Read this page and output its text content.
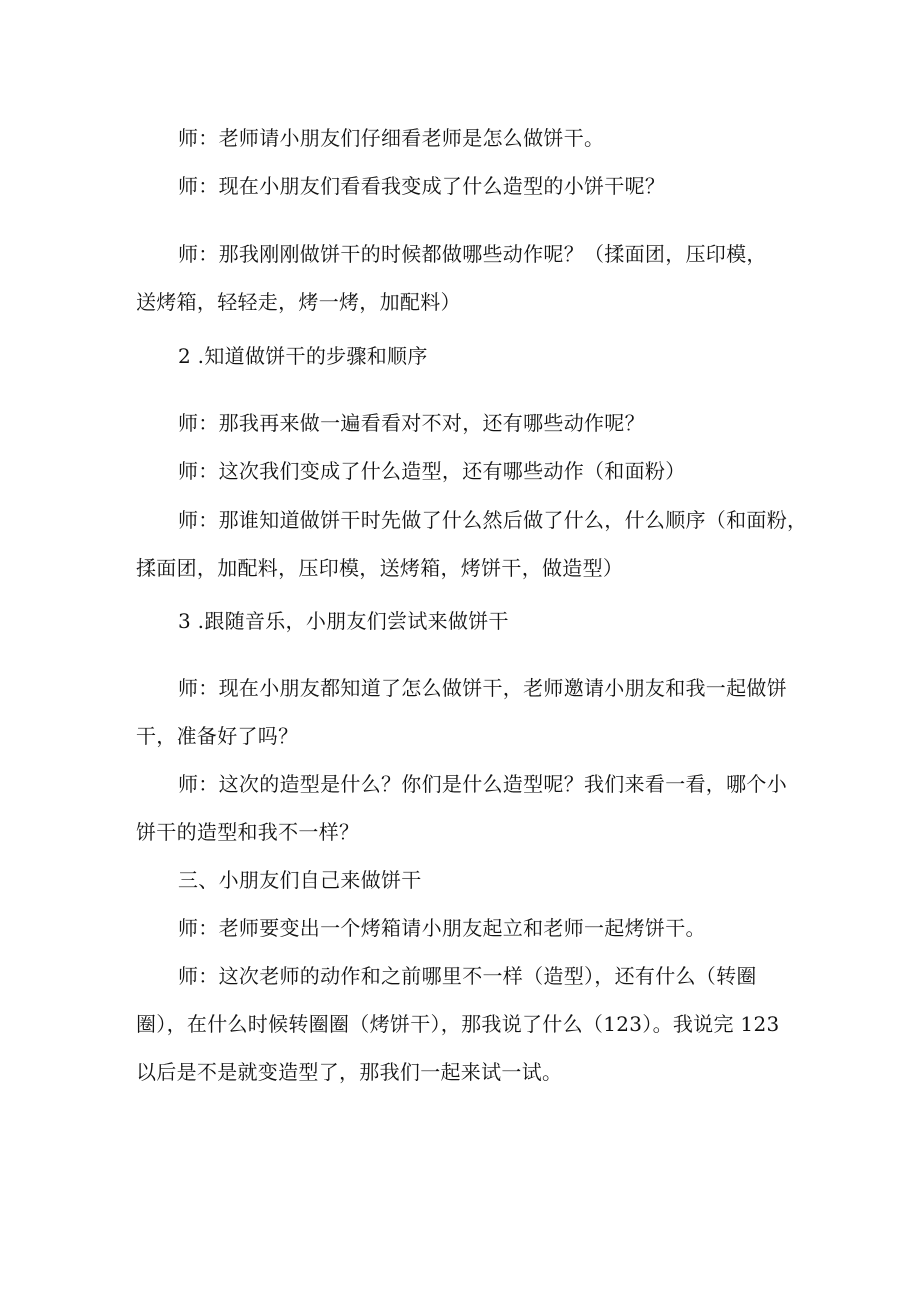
师：老师请小朋友们仔细看老师是怎么做饼干。
师：现在小朋友们看看我变成了什么造型的小饼干呢？
师：那我刚刚做饼干的时候都做哪些动作呢？（揉面团，压印模，
送烤箱，轻轻走，烤一烤，加配料）
2 .知道做饼干的步骤和顺序
师：那我再来做一遍看看对不对，还有哪些动作呢？
师：这次我们变成了什么造型，还有哪些动作（和面粉）
师：那谁知道做饼干时先做了什么然后做了什么，什么顺序（和面粉，
揉面团，加配料，压印模，送烤箱，烤饼干，做造型）
3 .跟随音乐，小朋友们尝试来做饼干
师：现在小朋友都知道了怎么做饼干，老师邀请小朋友和我一起做饼
干，准备好了吗？
师：这次的造型是什么？你们是什么造型呢？我们来看一看，哪个小
饼干的造型和我不一样？
三、小朋友们自己来做饼干
师：老师要变出一个烤箱请小朋友起立和老师一起烤饼干。
师：这次老师的动作和之前哪里不一样（造型），还有什么（转圈
圈），在什么时候转圈圈（烤饼干），那我说了什么（123）。我说完 123
以后是不是就变造型了，那我们一起来试一试。
